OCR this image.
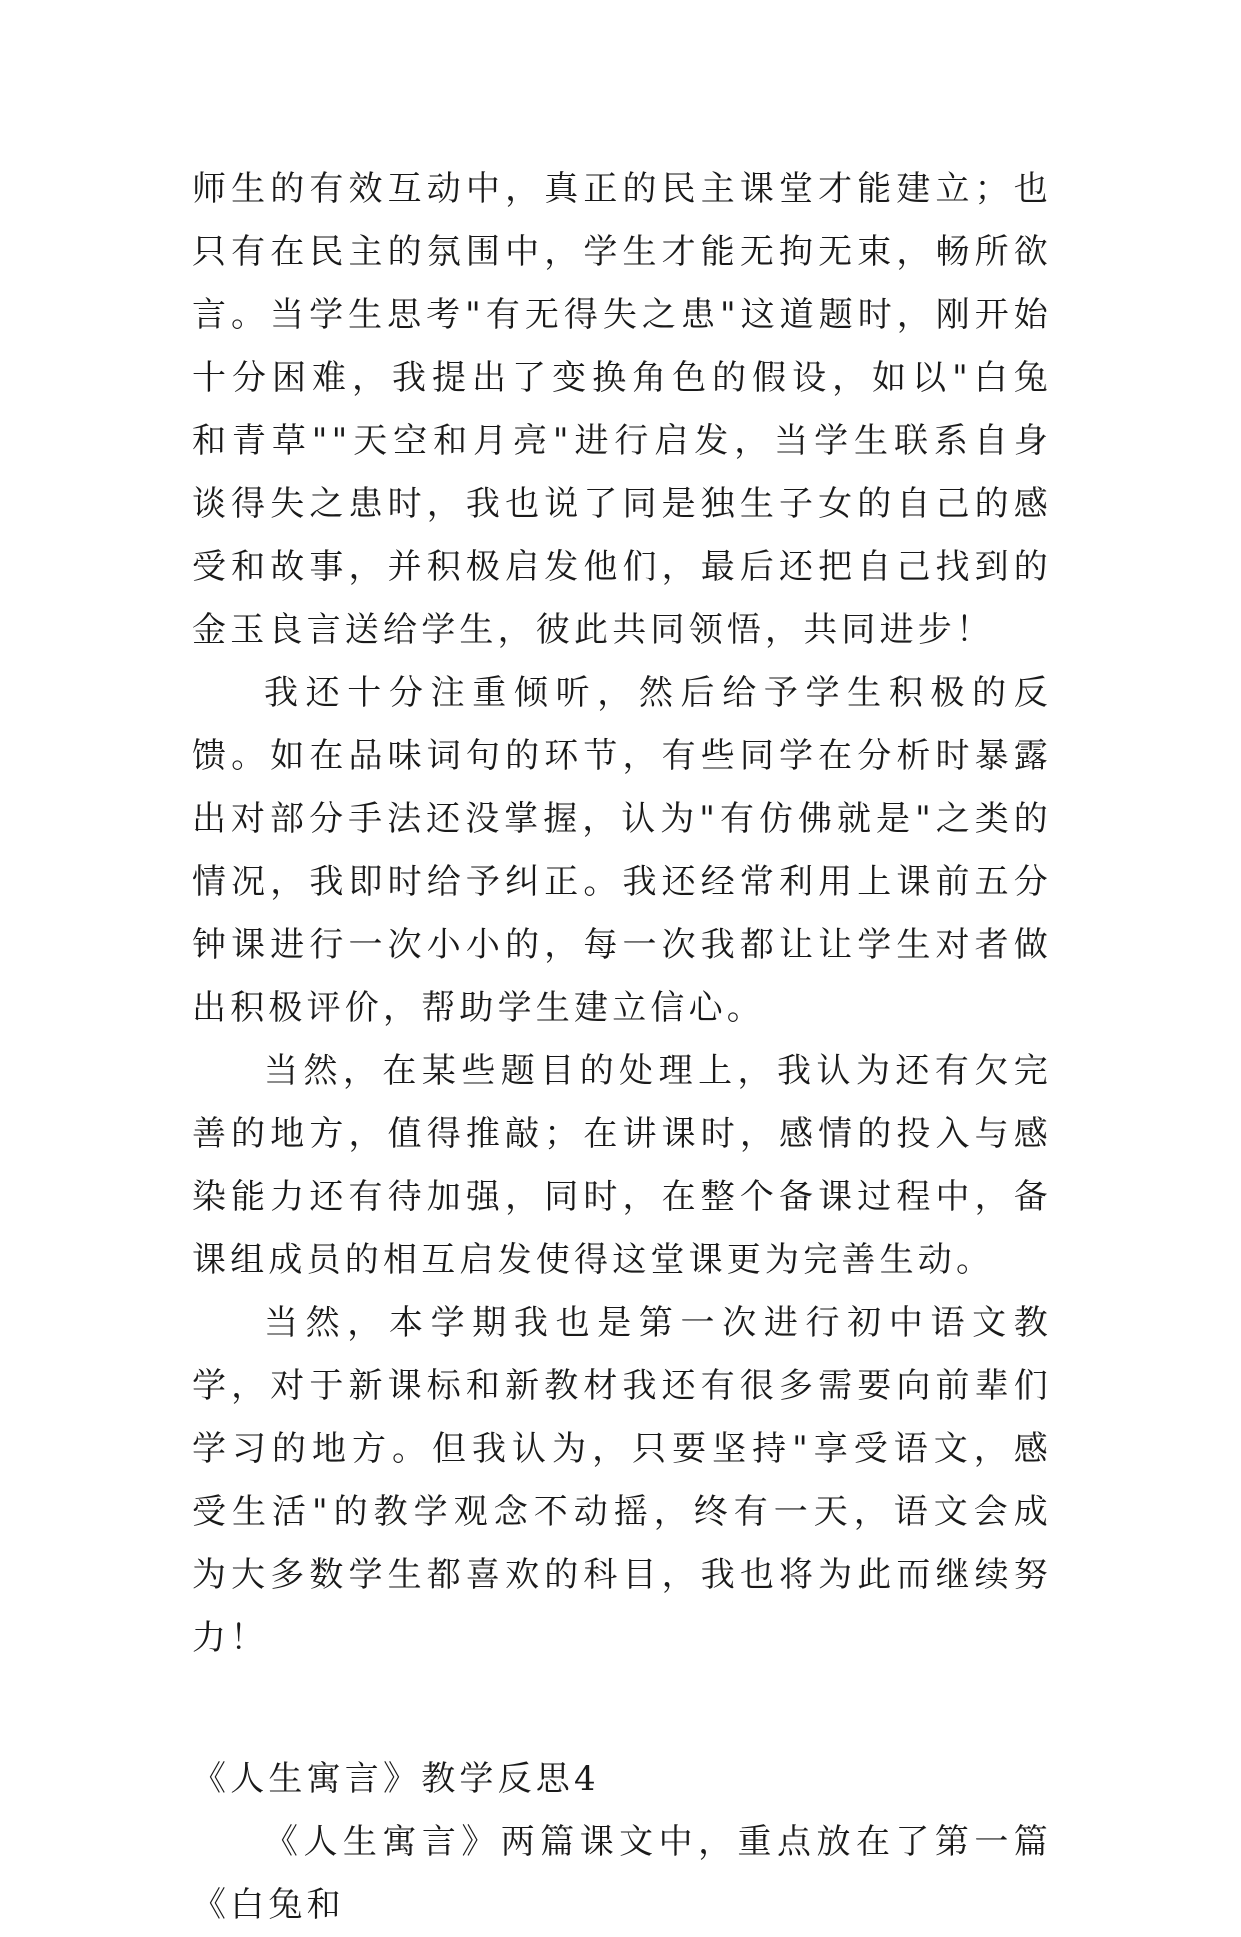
师生的有效互动中，真正的民主课堂才能建立；也只有在民主的氛围中，学生才能无拘无束，畅所欲言。当学生思考"有无得失之患"这道题时，刚开始十分困难，我提出了变换角色的假设，如以"白兔和青草""天空和月亮"进行启发，当学生联系自身谈得失之患时，我也说了同是独生子女的自己的感受和故事，并积极启发他们，最后还把自己找到的金玉良言送给学生，彼此共同领悟，共同进步！

我还十分注重倾听，然后给予学生积极的反馈。如在品味词句的环节，有些同学在分析时暴露出对部分手法还没掌握，认为"有仿佛就是"之类的情况，我即时给予纠正。我还经常利用上课前五分钟课进行一次小小的，每一次我都让让学生对者做出积极评价，帮助学生建立信心。

当然，在某些题目的处理上，我认为还有欠完善的地方，值得推敲；在讲课时，感情的投入与感染能力还有待加强，同时，在整个备课过程中，备课组成员的相互启发使得这堂课更为完善生动。

当然，本学期我也是第一次进行初中语文教学，对于新课标和新教材我还有很多需要向前辈们学习的地方。但我认为，只要坚持"享受语文，感受生活"的教学观念不动摇，终有一天，语文会成为大多数学生都喜欢的科目，我也将为此而继续努力！

《人生寓言》教学反思4

《人生寓言》两篇课文中，重点放在了第一篇《白兔和
